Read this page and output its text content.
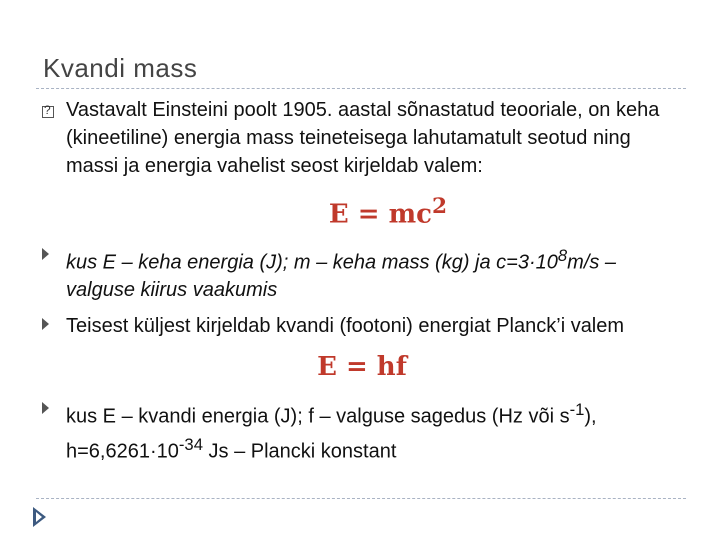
Kvandi mass
?
Vastavalt Einsteini poolt 1905. aastal sõnastatud teooriale, on keha (kineetiline) energia mass teineteisega lahutamatult seotud ning massi ja energia vahelist seost kirjeldab valem:
$E = mc^2$
kus E – keha energia (J); m – keha mass (kg) ja $c=3\cdot 10^8m/s$ – valguse kiirus vaakumis
Teisest küljest kirjeldab kvandi (footoni) energiat Planck’i valem
E = hf
kus E – kvandi energia (J); f – valguse sagedus (Hz või $s^{-1}$), $h=6,6261\cdot 10^{-34}$ Js – Plancki konstant
